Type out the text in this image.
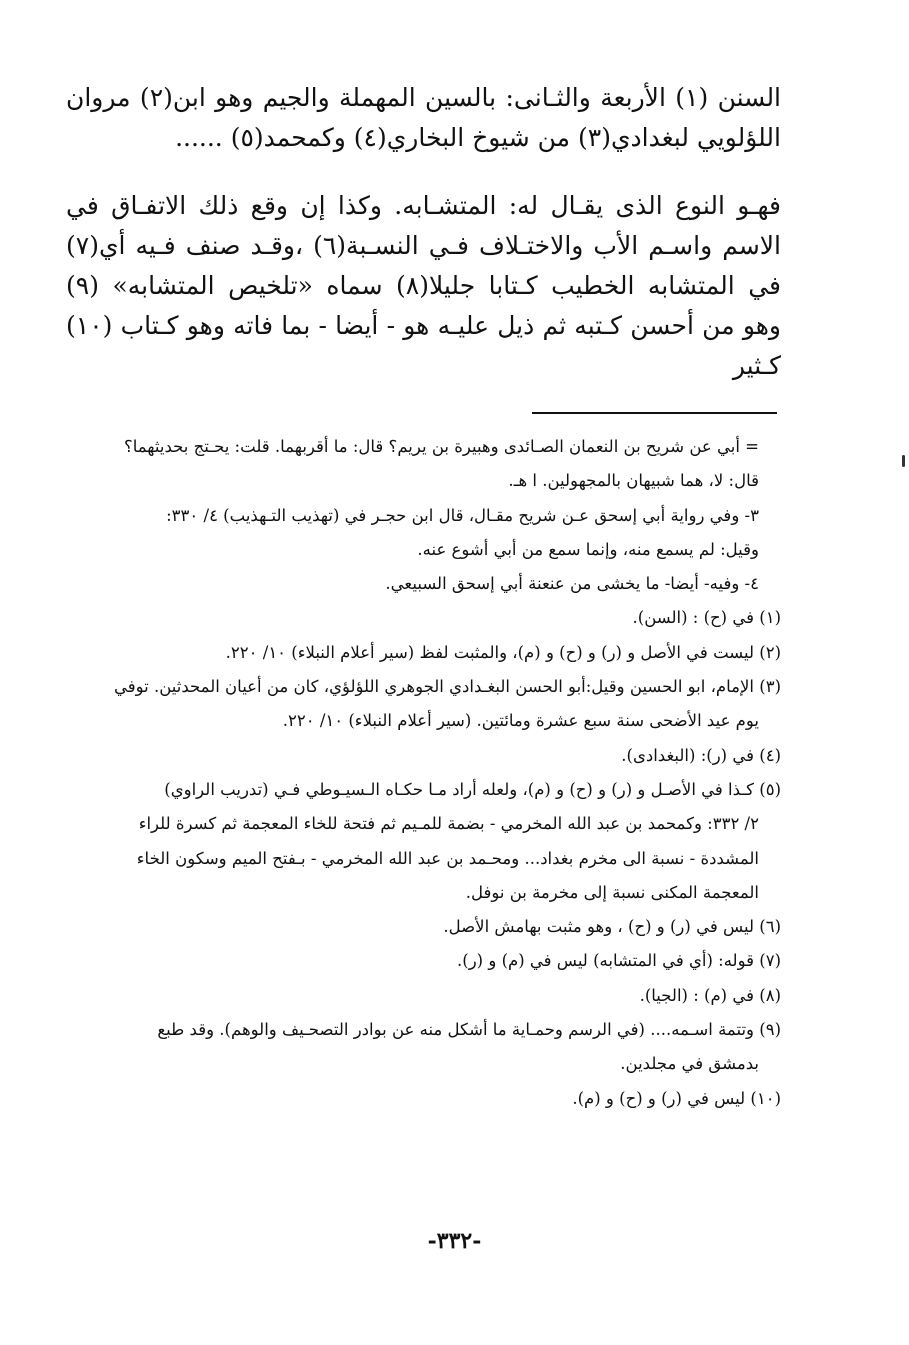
السنن (١) الأربعة والثـانى: بالسين المهملة والجيم وهو ابن(٢) مروان اللؤلويي لبغدادي(٣) من شيوخ البخاري(٤) وكمحمد(٥) ......

فهـو النوع الذى يقـال له: المتشـابه. وكذا إن وقع ذلك الاتفـاق في الاسم واسـم الأب والاختـلاف فـي النسـبة(٦) ،وقـد صنف فـيه أي(٧) في المتشابه الخطيب كـتابا جليلا(٨) سماه «تلخيص المتشابه» (٩) وهو من أحسن كـتبه ثم ذيل عليـه هو - أيضا - بما فاته وهو كـتاب (١٠) كـثير

= أبي عن شريح بن النعمان الصـائدى وهبيرة بن يريم؟ قال: ما أقربهما. قلت: يحـتج بحديثهما؟

قال: لا، هما شبيهان بالمجهولين. ا هـ.

٣- وفي رواية أبي إسحق عـن شريح مقـال، قال ابن حجـر في (تهذيب التـهذيب) ٤/ ٣٣٠:

وقيل: لم يسمع منه، وإنما سمع من أبي أشوع عنه.

٤- وفيه- أيضا- ما يخشى من عنعنة أبي إسحق السبيعي.

(١) في (ح) : (السن).

(٢) ليست في الأصل و (ر) و (ح) و (م)، والمثبت لفظ (سير أعلام النبلاء) ١٠/ ٢٢٠.

(٣) الإمام، ابو الحسين وقيل:أبو الحسن البغـدادي الجوهري اللؤلؤي، كان من أعيان المحدثين. توفي

يوم عيد الأضحى سنة سبع عشرة ومائتين. (سير أعلام النبلاء) ١٠/ ٢٢٠.

(٤) في (ر): (البغدادى).

(٥) كـذا في الأصـل و (ر) و (ح) و (م)، ولعله أراد مـا حكـاه الـسيـوطي فـي (تدريب الراوي)

٢/ ٣٣٢: وكمحمد بن عبد الله المخرمي - بضمة للمـيم ثم فتحة للخاء المعجمة ثم كسرة للراء

المشددة - نسبة الى مخرم بغداد... ومحـمد بن عبد الله المخرمي - بـفتح الميم وسكون الخاء

المعجمة المكنى نسبة إلى مخرمة بن نوفل.

(٦) ليس في (ر) و (ح) ، وهو مثبت بهامش الأصل.

(٧) قوله: (أي في المتشابه) ليس في (م) و (ر).

(٨) في (م) : (الجيا).

(٩) وتتمة اسـمه.... (في الرسم وحمـاية ما أشكل منه عن بوادر التصحـيف والوهم). وقد طبع

بدمشق في مجلدين.

(١٠) ليس في (ر) و (ح) و (م).

-٣٣٢-
